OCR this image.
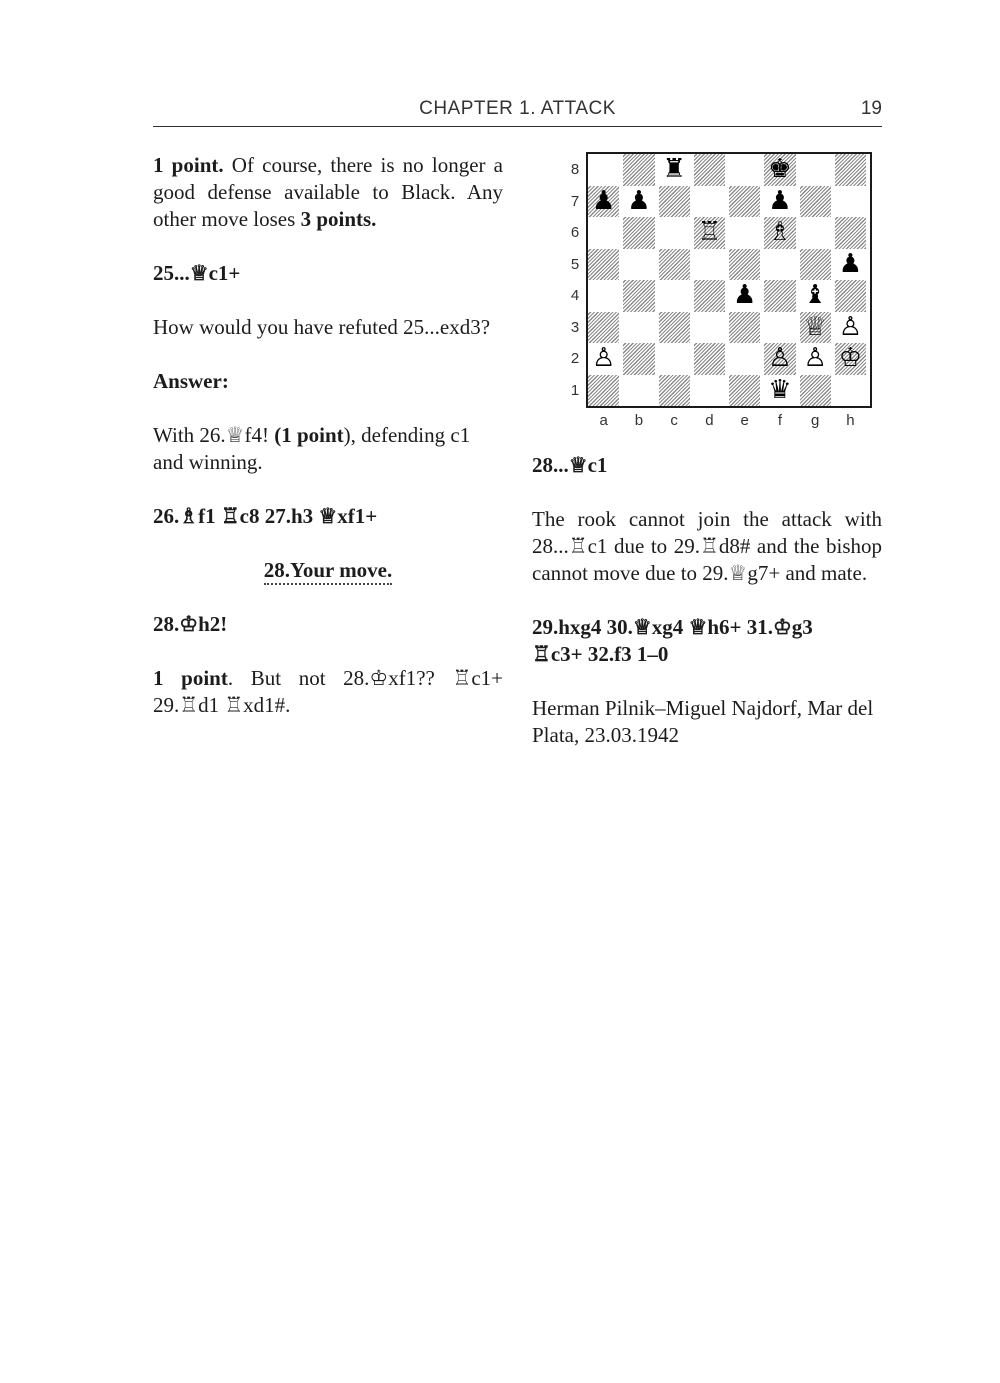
CHAPTER 1. ATTACK	19

1 point. Of course, there is no longer a good defense available to Black. Any other move loses 3 points.

25...♕c1+

How would you have refuted 25...exd3?

Answer:

With 26.♕f4! (1 point), defending c1 and winning.

26.♗f1 ♖c8 27.h3 ♕xf1+

28.Your move.

28.♔h2!

1 point. But not 28.♔xf1?? ♖c1+ 29.♖d1 ♖xd1#.

♜	♚
♟ ♟	♟
♖ ♗
♟
♟ ♝
♕ ♙
♙	♙ ♙ ♔
♛
8
7
6
5
4
3
2
1
a	b	c	d	e	f	g	h

28...♕c1

The rook cannot join the attack with 28...♖c1 due to 29.♖d8# and the bishop cannot move due to 29.♕g7+ and mate.

29.hxg4 30.♕xg4 ♕h6+ 31.♔g3
♖c3+ 32.f3 1–0

Herman Pilnik–Miguel Najdorf, Mar del Plata, 23.03.1942
